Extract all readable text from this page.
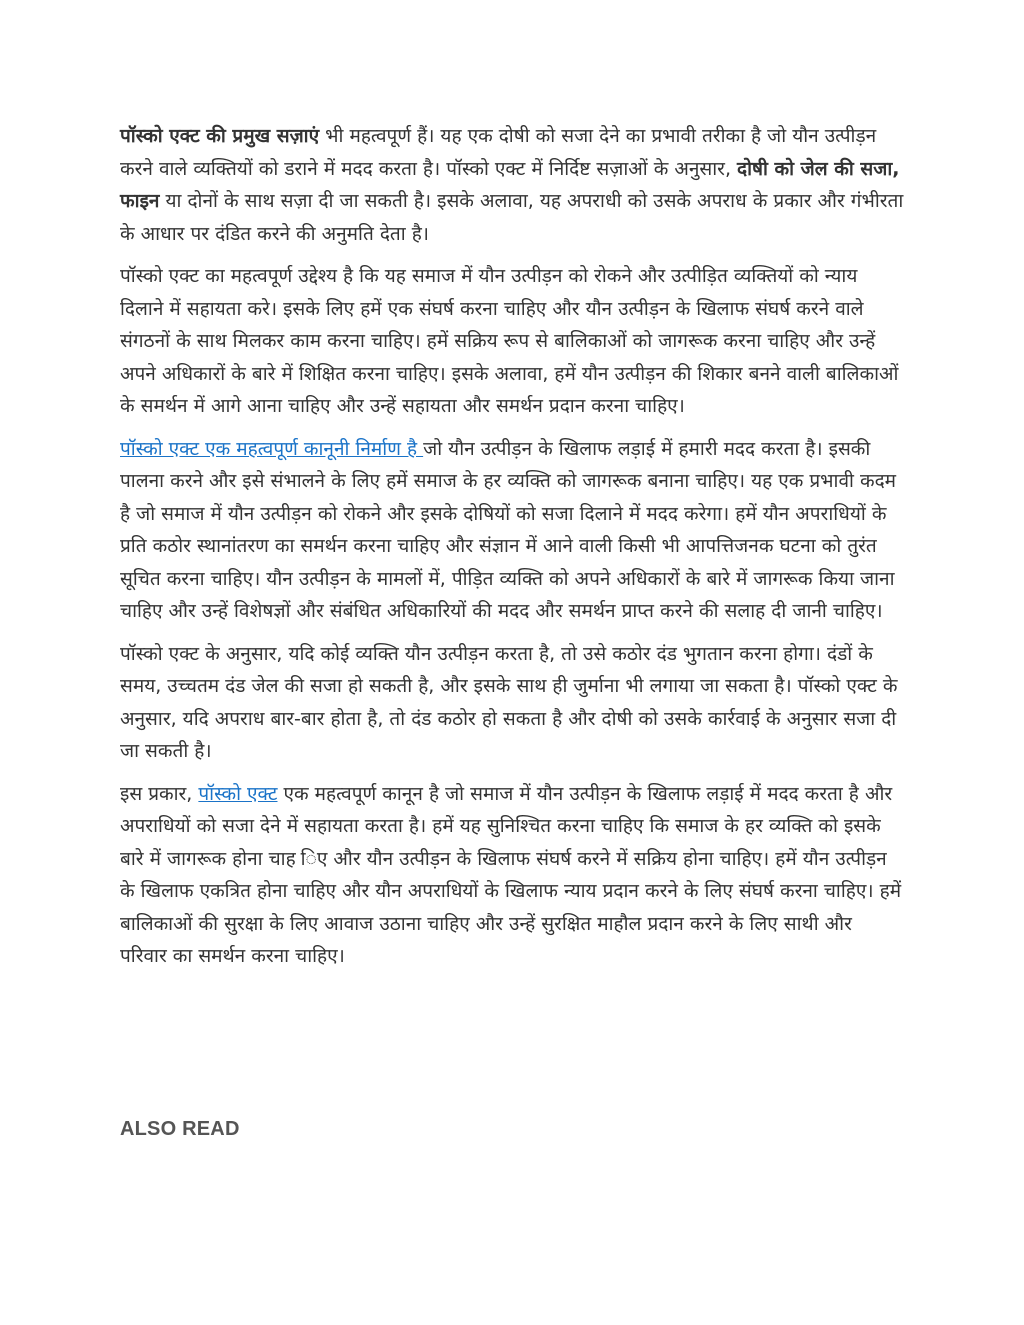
पॉस्को एक्ट की प्रमुख सज़ाएं भी महत्वपूर्ण हैं। यह एक दोषी को सजा देने का प्रभावी तरीका है जो यौन उत्पीड़न करने वाले व्यक्तियों को डराने में मदद करता है। पॉस्को एक्ट में निर्दिष्ट सज़ाओं के अनुसार, दोषी को जेल की सजा, फाइन या दोनों के साथ सज़ा दी जा सकती है। इसके अलावा, यह अपराधी को उसके अपराध के प्रकार और गंभीरता के आधार पर दंडित करने की अनुमति देता है।

पॉस्को एक्ट का महत्वपूर्ण उद्देश्य है कि यह समाज में यौन उत्पीड़न को रोकने और उत्पीड़ित व्यक्तियों को न्याय दिलाने में सहायता करे। इसके लिए हमें एक संघर्ष करना चाहिए और यौन उत्पीड़न के खिलाफ संघर्ष करने वाले संगठनों के साथ मिलकर काम करना चाहिए। हमें सक्रिय रूप से बालिकाओं को जागरूक करना चाहिए और उन्हें अपने अधिकारों के बारे में शिक्षित करना चाहिए। इसके अलावा, हमें यौन उत्पीड़न की शिकार बनने वाली बालिकाओं के समर्थन में आगे आना चाहिए और उन्हें सहायता और समर्थन प्रदान करना चाहिए।

पॉस्को एक्ट एक महत्वपूर्ण कानूनी निर्माण है जो यौन उत्पीड़न के खिलाफ लड़ाई में हमारी मदद करता है। इसकी पालना करने और इसे संभालने के लिए हमें समाज के हर व्यक्ति को जागरूक बनाना चाहिए। यह एक प्रभावी कदम है जो समाज में यौन उत्पीड़न को रोकने और इसके दोषियों को सजा दिलाने में मदद करेगा। हमें यौन अपराधियों के प्रति कठोर स्थानांतरण का समर्थन करना चाहिए और संज्ञान में आने वाली किसी भी आपत्तिजनक घटना को तुरंत सूचित करना चाहिए। यौन उत्पीड़न के मामलों में, पीड़ित व्यक्ति को अपने अधिकारों के बारे में जागरूक किया जाना चाहिए और उन्हें विशेषज्ञों और संबंधित अधिकारियों की मदद और समर्थन प्राप्त करने की सलाह दी जानी चाहिए।

पॉस्को एक्ट के अनुसार, यदि कोई व्यक्ति यौन उत्पीड़न करता है, तो उसे कठोर दंड भुगतान करना होगा। दंडों के समय, उच्चतम दंड जेल की सजा हो सकती है, और इसके साथ ही जुर्माना भी लगाया जा सकता है। पॉस्को एक्ट के अनुसार, यदि अपराध बार-बार होता है, तो दंड कठोर हो सकता है और दोषी को उसके कार्रवाई के अनुसार सजा दी जा सकती है।

इस प्रकार, पॉस्को एक्ट एक महत्वपूर्ण कानून है जो समाज में यौन उत्पीड़न के खिलाफ लड़ाई में मदद करता है और अपराधियों को सजा देने में सहायता करता है। हमें यह सुनिश्चित करना चाहिए कि समाज के हर व्यक्ति को इसके बारे में जागरूक होना चाह िए और यौन उत्पीड़न के खिलाफ संघर्ष करने में सक्रिय होना चाहिए। हमें यौन उत्पीड़न के खिलाफ एकत्रित होना चाहिए और यौन अपराधियों के खिलाफ न्याय प्रदान करने के लिए संघर्ष करना चाहिए। हमें बालिकाओं की सुरक्षा के लिए आवाज उठाना चाहिए और उन्हें सुरक्षित माहौल प्रदान करने के लिए साथी और परिवार का समर्थन करना चाहिए।

ALSO READ
